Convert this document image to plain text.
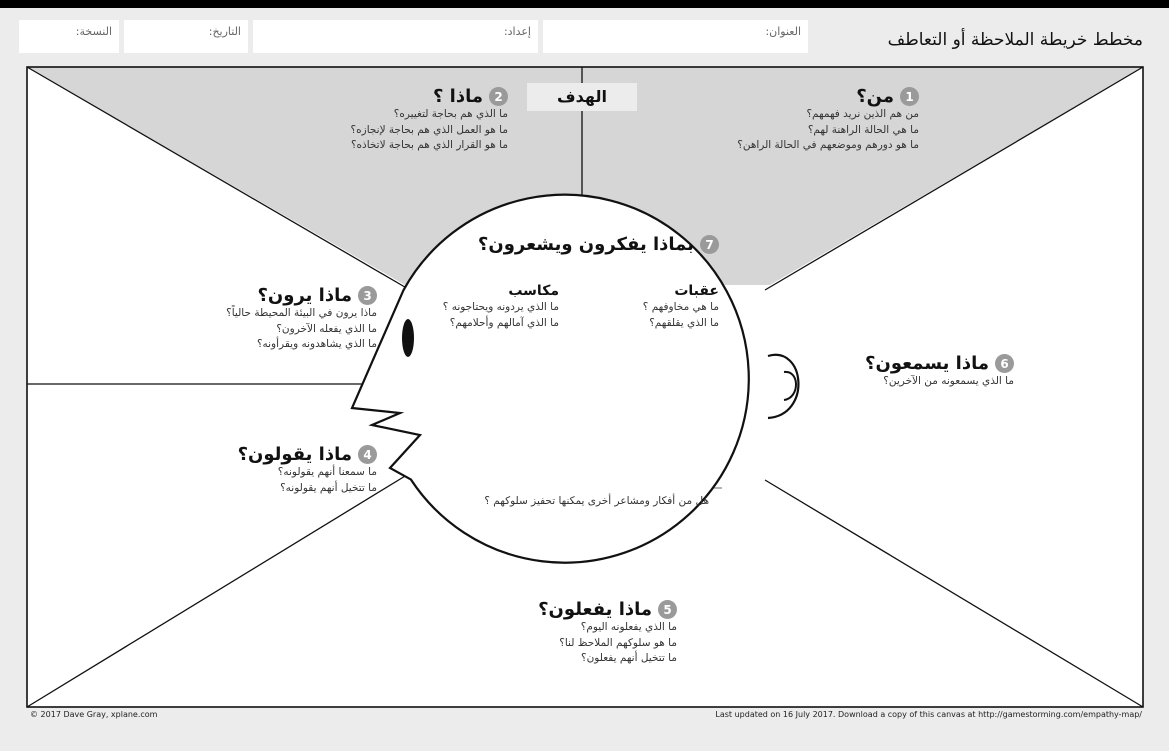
العنوان:
إعداد:
التاريخ:
النسخة:	مخطط خريطة الملاحظة أو التعاطف
الهدف	1
من؟
من هم الذين نريد فهمهم؟
ما هي الحالة الراهنة لهم؟
ما هو دورهم وموضعهم في الحالة الراهن؟
2
ماذا ؟
ما الذي هم بحاجة لتغييره؟
ما هو العمل الذي هم بحاجة لإنجازه؟
ما هو القرار الذي هم بحاجة لاتخاذه؟
3
ماذا يرون؟
ماذا يرون في البيئة المحيطة حالياً؟
ما الذي يفعله الآخرون؟
ما الذي يشاهدونه ويقرأونه؟
4
ماذا يقولون؟
ما سمعنا أنهم يقولونه؟
ما تتخيل أنهم يقولونه؟
5
ماذا يفعلون؟
ما الذي يفعلونه اليوم؟
ما هو سلوكهم الملاحظ لنا؟
ما تتخيل أنهم يفعلون؟
6
ماذا يسمعون؟
ما الذي يسمعونه من الآخرين؟
7
بماذا يفكرون ويشعرون؟
عقبات
ما هي مخاوفهم ؟
ما الذي يقلقهم؟
مكاسب
ما الذي يردونه ويحتاجونه ؟
ما الذي آمالهم وأحلامهم؟
هل من أفكار ومشاعر أخرى يمكنها تحفيز سلوكهم ؟
© 2017 Dave Gray, xplane.com	Last updated on 16 July 2017. Download a copy of this canvas at http://gamestorming.com/empathy-map/
